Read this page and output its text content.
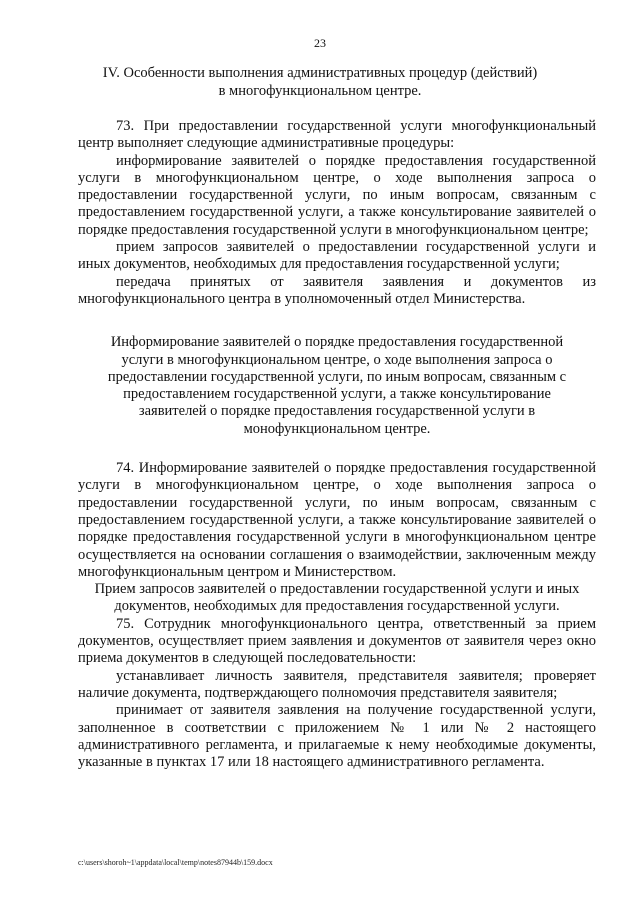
23
IV. Особенности выполнения административных процедур (действий) в многофункциональном центре.

73. При предоставлении государственной услуги многофункциональный центр выполняет следующие административные процедуры:

информирование заявителей о порядке предоставления государственной услуги в многофункциональном центре, о ходе выполнения запроса о предоставлении государственной услуги, по иным вопросам, связанным с предоставлением государственной услуги, а также консультирование заявителей о порядке предоставления государственной услуги в многофункциональном центре;

прием запросов заявителей о предоставлении государственной услуги и иных документов, необходимых для предоставления государственной услуги;

передача принятых от заявителя заявления и документов из многофункционального центра в уполномоченный отдел Министерства.

Информирование заявителей о порядке предоставления государственной услуги в многофункциональном центре, о ходе выполнения запроса о предоставлении государственной услуги, по иным вопросам, связанным с предоставлением государственной услуги, а также консультирование заявителей о порядке предоставления государственной услуги в монофункциональном центре.

74. Информирование заявителей о порядке предоставления государственной услуги в многофункциональном центре, о ходе выполнения запроса о предоставлении государственной услуги, по иным вопросам, связанным с предоставлением государственной услуги, а также консультирование заявителей о порядке предоставления государственной услуги в многофункциональном центре осуществляется на основании соглашения о взаимодействии, заключенным между многофункциональным центром и Министерством.

Прием запросов заявителей о предоставлении государственной услуги и иных документов, необходимых для предоставления государственной услуги.

75. Сотрудник многофункционального центра, ответственный за прием документов, осуществляет прием заявления и документов от заявителя через окно приема документов в следующей последовательности:

устанавливает личность заявителя, представителя заявителя; проверяет наличие документа, подтверждающего полномочия представителя заявителя;

принимает от заявителя заявления на получение государственной услуги, заполненное в соответствии с приложением № 1 или № 2 настоящего административного регламента, и прилагаемые к нему необходимые документы, указанные в пунктах 17 или 18 настоящего административного регламента.

c:\users\shoroh~1\appdata\local\temp\notes87944b\159.docx
